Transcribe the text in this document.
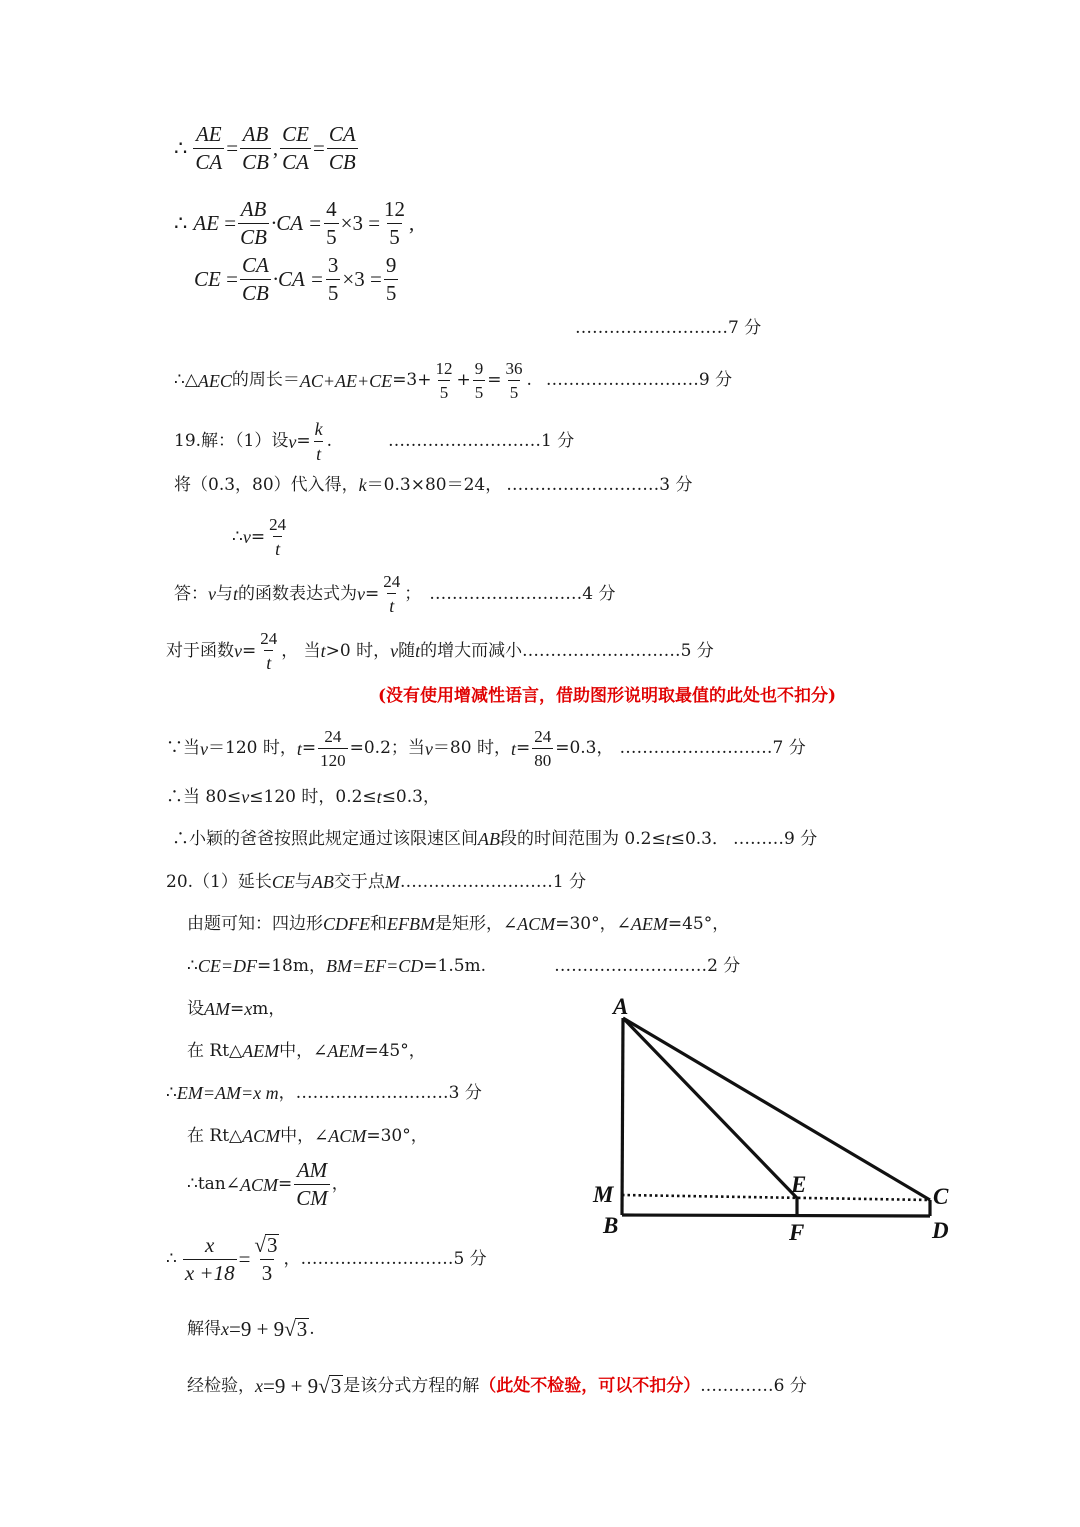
∴ $\frac{AE}{CA} = \frac{AB}{CB}$ , $\frac{CE}{CA} = \frac{CA}{CB}$
∴ AE = $\frac{AB}{CB} \cdot CA = \frac{4}{5} \times 3 = \frac{12}{5}$ ,
CE = $\frac{CA}{CB} \cdot CA = \frac{3}{5} \times 3 = \frac{9}{5}$
………………………7 分
∴△ AEC 的周长＝ $AC+AE+CE =3+ \frac{12}{5} + \frac{9}{5} = \frac{36}{5}$ . ………………………9 分
19.解：（1）设 $v = \frac{k}{t}$ .	………………………1 分
将（0.3，80）代入得， k ＝0.3×80＝24， ………………………3 分
∴ $v = \frac{24}{t}$
答： v 与 t 的函数表达式为 $v = \frac{24}{t}$ ； ………………………4 分
对于函数 $v = \frac{24}{t}$ ， 当 t >0 时， v 随 t 的增大而减小. ………………………5 分
(没有使用增减性语言，借助图形说明取最值的此处也不扣分)
∵当 v ＝120 时， $t = \frac{24}{120} =0.2$；当 v ＝80 时， $t = \frac{24}{80} =0.3$， ………………………7 分
∴当 80≤ v ≤120 时，0.2≤ t ≤0.3，
∴小颖的爸爸按照此规定通过该限速区间 AB 段的时间范围为 0.2≤ t ≤0.3． ………9 分
20.（1）延长 CE 与 AB 交于点 M ………………………1 分
由题可知：四边形 CDFE 和 EFBM 是矩形，∠ ACM =30°，∠ AEM =45°，
∴ CE=DF =18m， BM=EF=CD =1.5m.	………………………2 分
设 AM = x m，
在 Rt△ AEM 中，∠ AEM =45°，
∴ EM=AM=x m ， ………………………3 分
在 Rt△ ACM 中，∠ ACM =30°，
∴tan∠ ACM = $\frac{AM}{CM}$ ，
∴ $\frac{x}{x +18} = \frac{√3}{3}$ ， ………………………5 分
解得 x =9 + 9 √ 3 .
经检验， x =9 + 9 √ 3 是该分式方程的解 （此处不检验，可以不扣分） . …………6 分
A
M
B
E
F
C
D
